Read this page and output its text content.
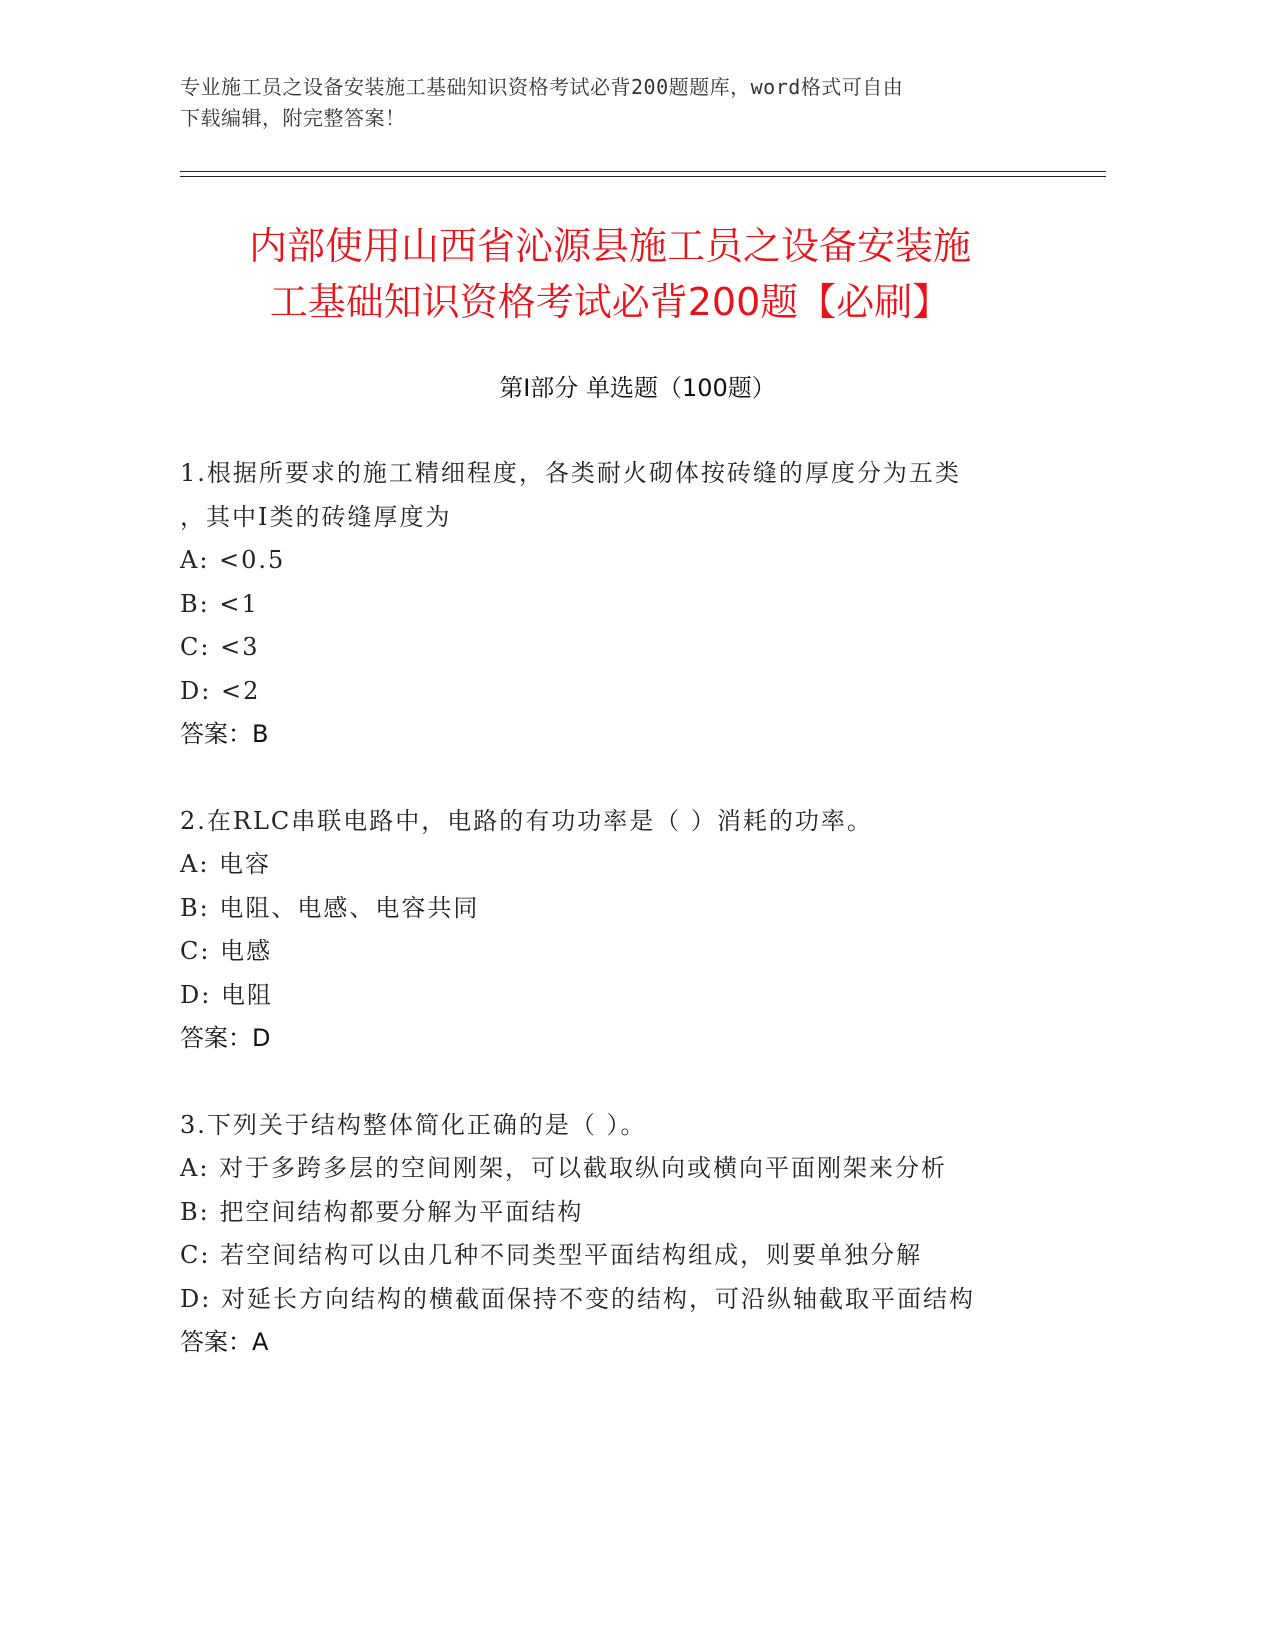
专业施工员之设备安装施工基础知识资格考试必背200题题库，word格式可自由
下载编辑，附完整答案！
内部使用山西省沁源县施工员之设备安装施
工基础知识资格考试必背200题【必刷】
第Ⅰ部分 单选题（100题）
1.根据所要求的施工精细程度，各类耐火砌体按砖缝的厚度分为五类
，其中Ⅰ类的砖缝厚度为
A: <0.5
B: <1
C: <3
D: <2
答案：B
2.在RLC串联电路中，电路的有功功率是（ ）消耗的功率。
A: 电容
B: 电阻、电感、电容共同
C: 电感
D: 电阻
答案：D
3.下列关于结构整体简化正确的是（ ）。
A: 对于多跨多层的空间刚架，可以截取纵向或横向平面刚架来分析
B: 把空间结构都要分解为平面结构
C: 若空间结构可以由几种不同类型平面结构组成，则要单独分解
D: 对延长方向结构的横截面保持不变的结构，可沿纵轴截取平面结构
答案：A
